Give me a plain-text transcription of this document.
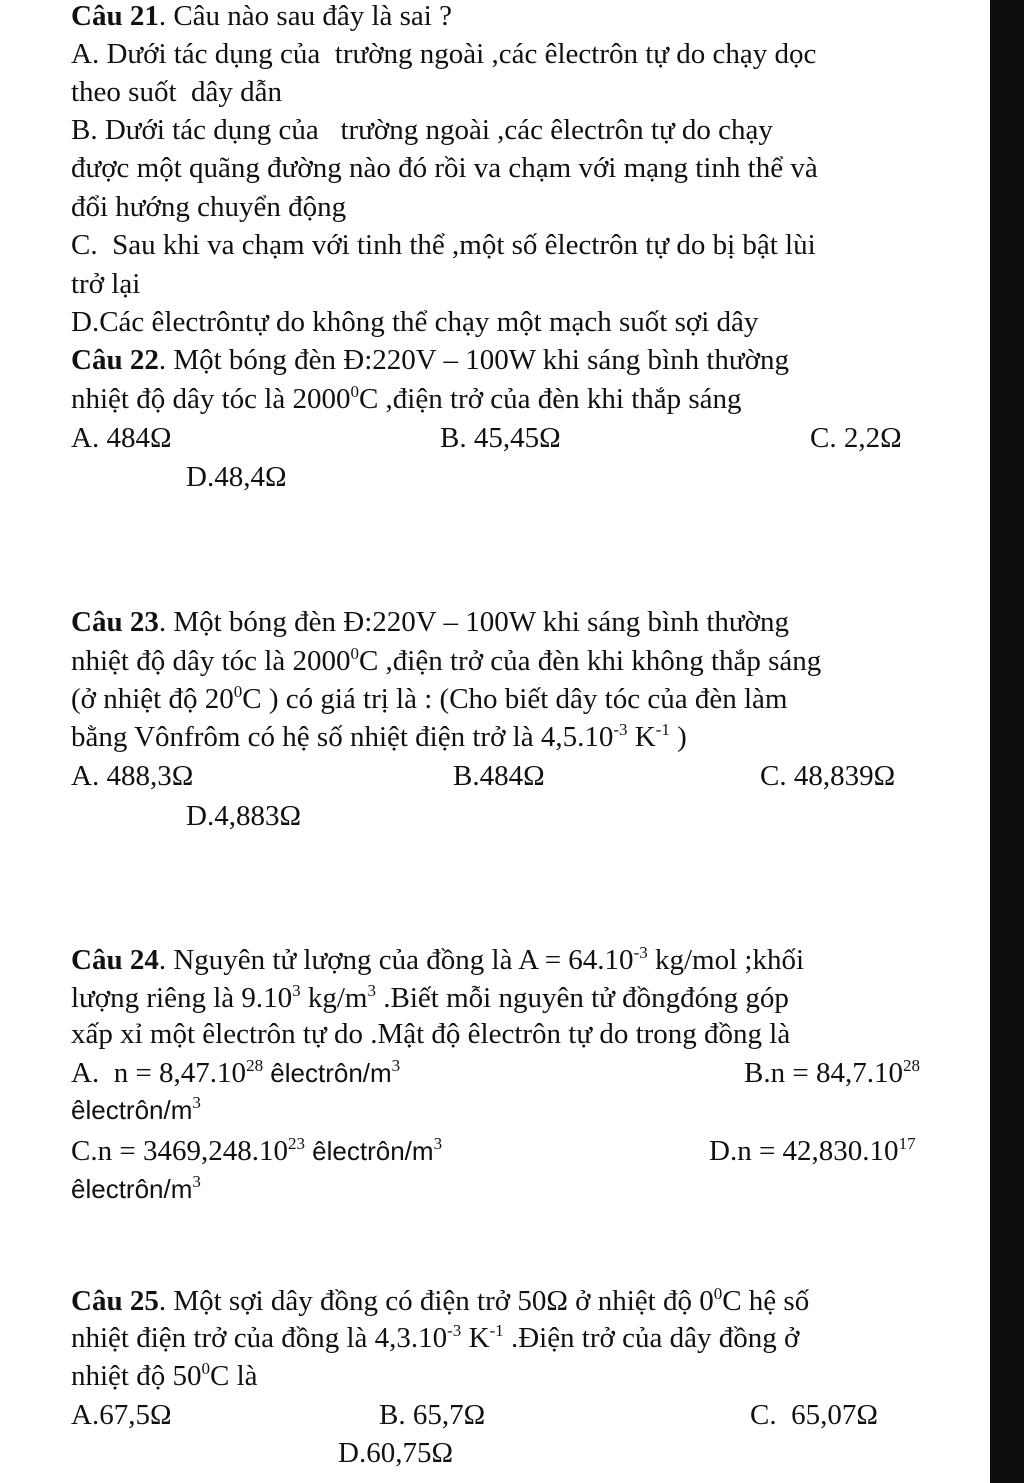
Câu 21. Câu nào sau đây là sai ?
A. Dưới tác dụng của  trường ngoài ,các êlectrôn tự do chạy dọc
theo suốt  dây dẫn
B. Dưới tác dụng của   trường ngoài ,các êlectrôn tự do chạy
được một quãng đường nào đó rồi va chạm với mạng tinh thể và
đổi hướng chuyển động
C.  Sau khi va chạm với tinh thể ,một số êlectrôn tự do bị bật lùi
trở lại
D.Các êlectrôntự do không thể chạy một mạch suốt sợi dây
Câu 22. Một bóng đèn Đ:220V – 100W khi sáng bình thường
nhiệt độ dây tóc là 2000$^0$C ,điện trở của đèn khi thắp sáng
A. 484Ω	B. 45,45Ω	C. 2,2Ω
D.48,4Ω
Câu 23. Một bóng đèn Đ:220V – 100W khi sáng bình thường
nhiệt độ dây tóc là 2000$^0$C ,điện trở của đèn khi không thắp sáng
(ở nhiệt độ $20^0C$ ) có giá trị là : (Cho biết dây tóc của đèn làm
bằng Vônfrôm có hệ số nhiệt điện trở là $4,5.10^{-3}$ $K^{-1}$ )
A. 488,3Ω	B.484Ω	C. 48,839Ω
D.4,883Ω
Câu 24. Nguyên tử lượng của đồng là $A = 64.10^{-3}$ kg/mol ;khối
lượng riêng là 9.10$^3$ $kg/m^3$ .Biết mỗi nguyên tử đồngđóng góp
xấp xỉ một êlectrôn tự do .Mật độ êlectrôn tự do trong đồng là
A.  $n = 8,47.10^{28}$ êlectrôn/$m^3$	$B.n = 84,7.10^{28}$
êlectrôn/$m^3$
$C.n = 3469,248.10^{23}$ êlectrôn/$m^3$	$D.n = 42,830.10^{17}$
êlectrôn/$m^3$
Câu 25. Một sợi dây đồng có điện trở 50Ω ở nhiệt độ $0^0C$ hệ số
nhiệt điện trở của đồng là $4,3.10^{-3}$ $K^{-1}$ .Điện trở của dây đồng ở
nhiệt độ $50^0C$ là
A.67,5Ω	B. 65,7Ω	C.  65,07Ω
D.60,75Ω
